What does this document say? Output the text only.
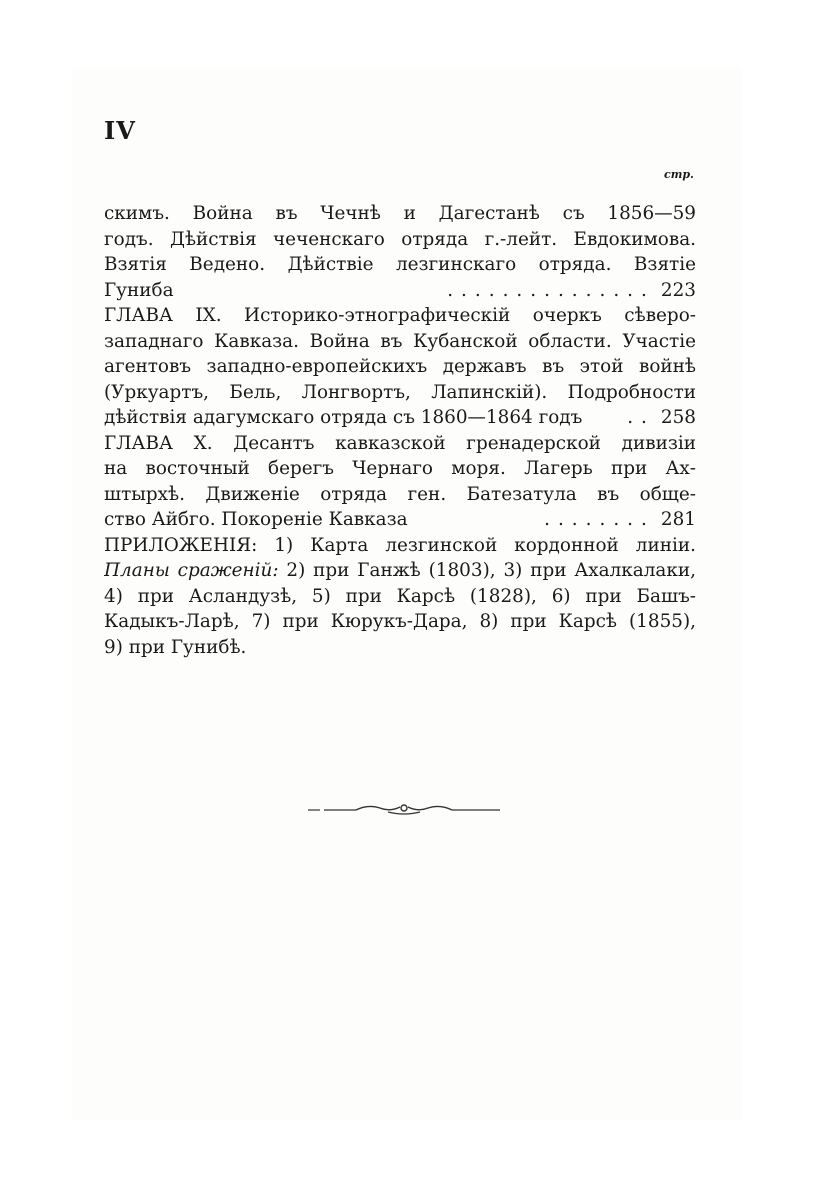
IV
стр.
скимъ. Война въ Чечнѣ и Дагестанѣ съ 1856—59
годъ. Дѣйствія чеченскаго отряда г.-лейт. Евдокимова.
Взятія Ведено. Дѣйствіе лезгинскаго отряда. Взятіе
Гуниба	............... 223
ГЛАВА IX. Историко-этнографическій очеркъ сѣверо-
западнаго Кавказа. Война въ Кубанской области. Участіе
агентовъ западно-европейскихъ державъ въ этой войнѣ
(Уркуартъ, Бель, Лонгвортъ, Лапинскій). Подробности
дѣйствія адагумскаго отряда съ 1860—1864 годъ	.. 258
ГЛАВА X. Десантъ кавказской гренадерской дивизіи
на восточный берегъ Чернаго моря. Лагерь при Ах-
штырхѣ. Движеніе отряда ген. Батезатула въ обще-
ство Айбго. Покореніе Кавказа	........ 281
ПРИЛОЖЕНІЯ: 1) Карта лезгинской кордонной линіи.
Планы сраженій: 2) при Ганжѣ (1803), 3) при Ахалкалаки,
4) при Асландузѣ, 5) при Карсѣ (1828), 6) при Башъ-
Кадыкъ-Ларѣ, 7) при Кюрукъ-Дара, 8) при Карсѣ (1855),
9) при Гунибѣ.
